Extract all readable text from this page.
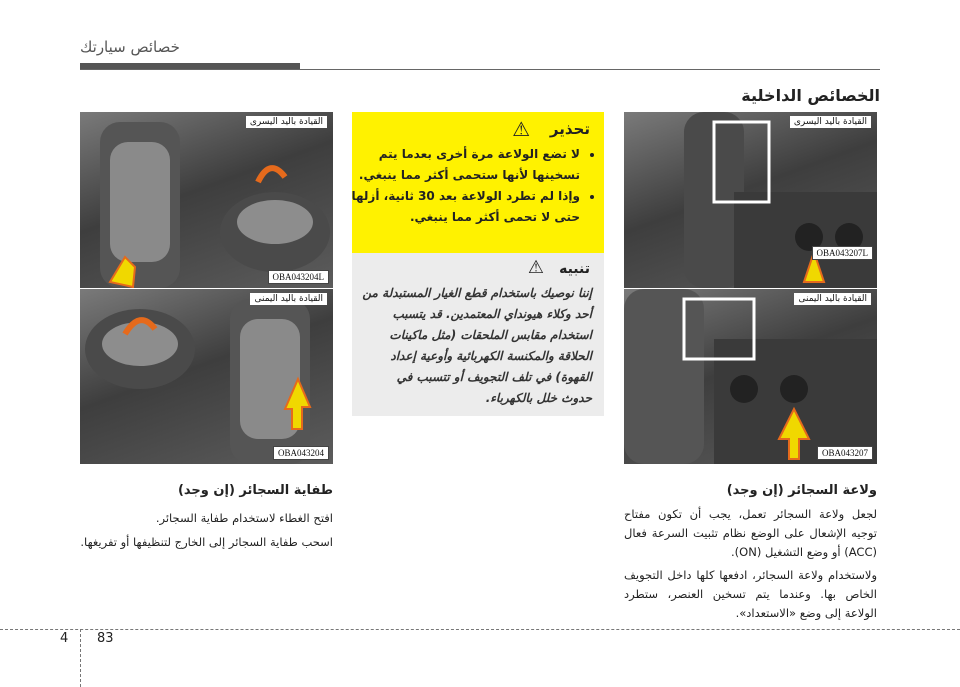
خصائص سيارتك
الخصائص الداخلية
القيادة باليد اليسرى
OBA043204L
القيادة باليد اليمنى
OBA043204
القيادة باليد اليسرى
OBA043207L
القيادة باليد اليمنى
OBA043207
تحذير
⚠
• لا تضع الولاعة مرة أخرى بعدما يتم تسخينها لأنها ستحمى أكثر مما ينبغي.
• وإذا لم تطرد الولاعة بعد 30 ثانية، أزلها حتى لا تحمى أكثر مما ينبغي.
تنبيه
⚠
إننا نوصيك باستخدام قطع الغيار المستبدلة من أحد وكلاء هيونداي المعتمدين. قد يتسبب استخدام مقابس الملحقات (مثل ماكينات الحلاقة والمكنسة الكهربائية وأوعية إعداد القهوة) في تلف التجويف أو تتسبب في حدوث خلل بالكهرباء.
طفاية السجائر (إن وجد)
افتح الغطاء لاستخدام طفاية السجائر.
اسحب طفاية السجائر إلى الخارج لتنظيفها أو تفريغها.
ولاعة السجائر (إن وجد)
لجعل ولاعة السجائر تعمل، يجب أن تكون مفتاح توجيه الإشعال على الوضع نظام تثبيت السرعة فعال (ACC) أو وضع التشغيل (ON).
ولاستخدام ولاعة السجائر، ادفعها كلها داخل التجويف الخاص بها. وعندما يتم تسخين العنصر، ستطرد الولاعة إلى وضع «الاستعداد».
4 83
